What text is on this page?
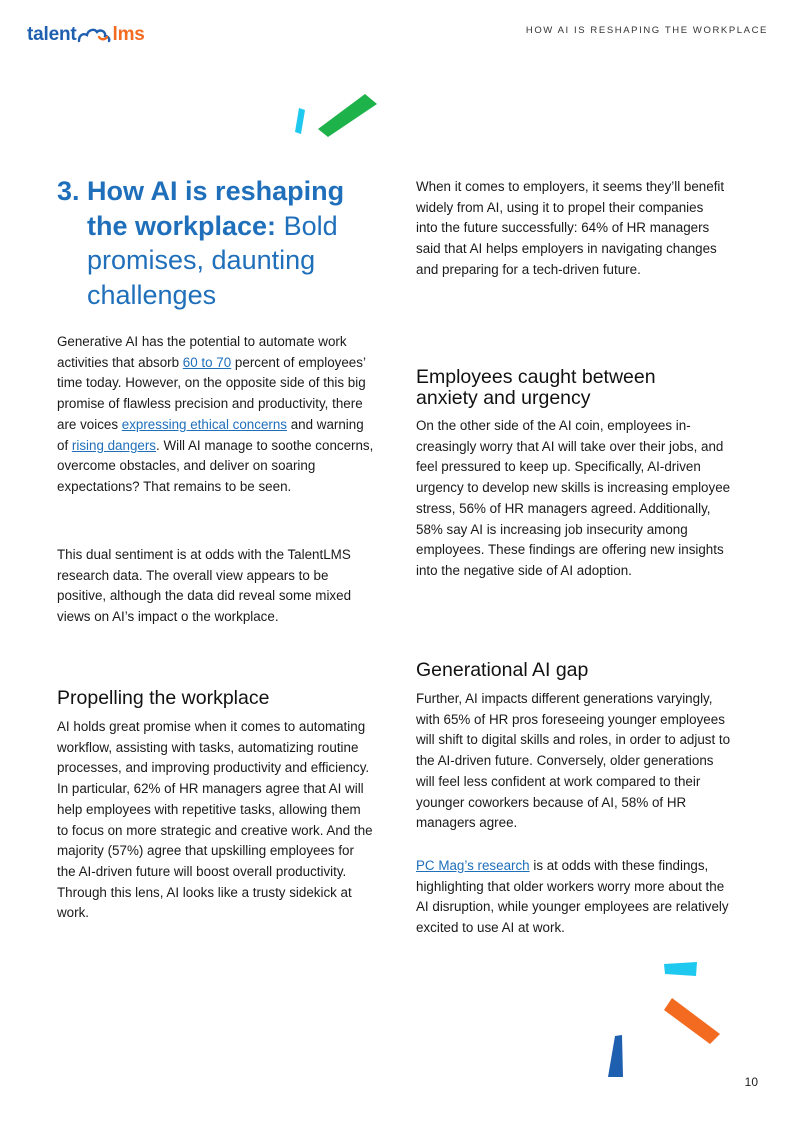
talent lms	HOW AI IS RESHAPING THE WORKPLACE
3. How AI is reshaping
the workplace: Bold
promises, daunting
challenges

Generative AI has the potential to automate work activities that absorb 60 to 70 percent of employees’ time today. However, on the opposite side of this big promise of flawless precision and productivity, there are voices expressing ethical concerns and warning of rising dangers. Will AI manage to soothe concerns, overcome obstacles, and deliver on soaring expectations? That remains to be seen.

This dual sentiment is at odds with the TalentLMS research data. The overall view appears to be positive, although the data did reveal some mixed views on AI’s impact o the workplace.

Propelling the workplace

AI holds great promise when it comes to automating workflow, assisting with tasks, automatizing routine processes, and improving productivity and efficiency. In particular, 62% of HR managers agree that AI will help employees with repetitive tasks, allowing them to focus on more strategic and creative work. And the majority (57%) agree that upskilling employees for the AI-driven future will boost overall productivity. Through this lens, AI looks like a trusty sidekick at work.

When it comes to employers, it seems they’ll benefit widely from AI, using it to propel their companies into the future successfully: 64% of HR managers said that AI helps employers in navigating changes and preparing for a tech-driven future.

Employees caught between anxiety and urgency

On the other side of the AI coin, employees increasingly worry that AI will take over their jobs, and feel pressured to keep up. Specifically, AI-driven urgency to develop new skills is increasing employee stress, 56% of HR managers agreed. Additionally, 58% say AI is increasing job insecurity among employees. These findings are offering new insights into the negative side of AI adoption.

Generational AI gap

Further, AI impacts different generations varyingly, with 65% of HR pros foreseeing younger employees will shift to digital skills and roles, in order to adjust to the AI-driven future. Conversely, older generations will feel less confident at work compared to their younger coworkers because of AI, 58% of HR managers agree.

PC Mag’s research is at odds with these findings, highlighting that older workers worry more about the AI disruption, while younger employees are relatively excited to use AI at work.

10
